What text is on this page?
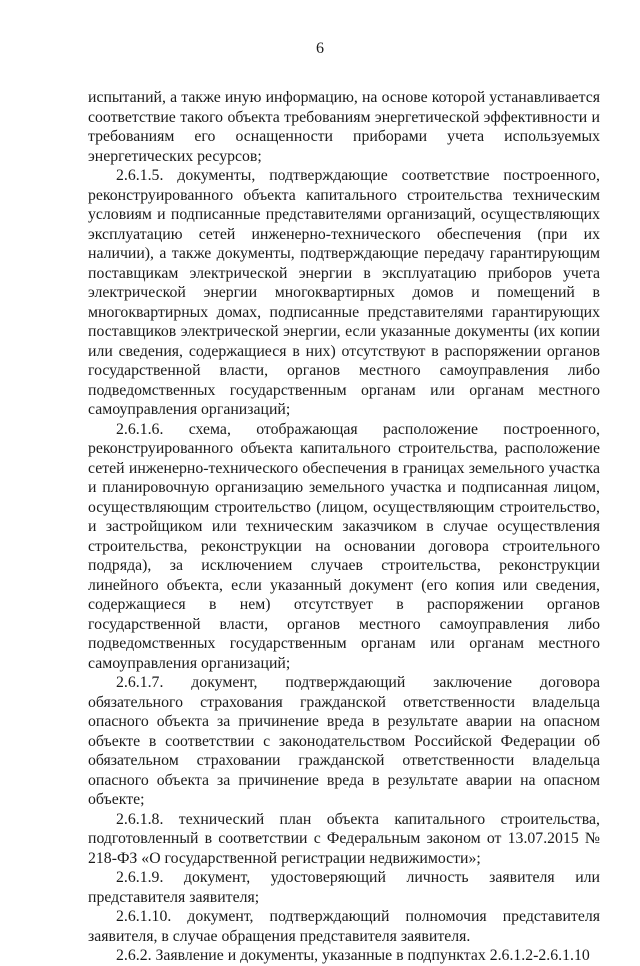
6

испытаний, а также иную информацию, на основе которой устанавливается соответствие такого объекта требованиям энергетической эффективности и требованиям его оснащенности приборами учета используемых энергетических ресурсов;

2.6.1.5. документы, подтверждающие соответствие построенного, реконструированного объекта капитального строительства техническим условиям и подписанные представителями организаций, осуществляющих эксплуатацию сетей инженерно-технического обеспечения (при их наличии), а также документы, подтверждающие передачу гарантирующим поставщикам электрической энергии в эксплуатацию приборов учета электрической энергии многоквартирных домов и помещений в многоквартирных домах, подписанные представителями гарантирующих поставщиков электрической энергии, если указанные документы (их копии или сведения, содержащиеся в них) отсутствуют в распоряжении органов государственной власти, органов местного самоуправления либо подведомственных государственным органам или органам местного самоуправления организаций;

2.6.1.6. схема, отображающая расположение построенного, реконструированного объекта капитального строительства, расположение сетей инженерно-технического обеспечения в границах земельного участка и планировочную организацию земельного участка и подписанная лицом, осуществляющим строительство (лицом, осуществляющим строительство, и застройщиком или техническим заказчиком в случае осуществления строительства, реконструкции на основании договора строительного подряда), за исключением случаев строительства, реконструкции линейного объекта, если указанный документ (его копия или сведения, содержащиеся в нем) отсутствует в распоряжении органов государственной власти, органов местного самоуправления либо подведомственных государственным органам или органам местного самоуправления организаций;

2.6.1.7. документ, подтверждающий заключение договора обязательного страхования гражданской ответственности владельца опасного объекта за причинение вреда в результате аварии на опасном объекте в соответствии с законодательством Российской Федерации об обязательном страховании гражданской ответственности владельца опасного объекта за причинение вреда в результате аварии на опасном объекте;

2.6.1.8. технический план объекта капитального строительства, подготовленный в соответствии с Федеральным законом от 13.07.2015 № 218-ФЗ «О государственной регистрации недвижимости»;

2.6.1.9. документ, удостоверяющий личность заявителя или представителя заявителя;

2.6.1.10. документ, подтверждающий полномочия представителя заявителя, в случае обращения представителя заявителя.

2.6.2. Заявление и документы, указанные в подпунктах 2.6.1.2-2.6.1.10
